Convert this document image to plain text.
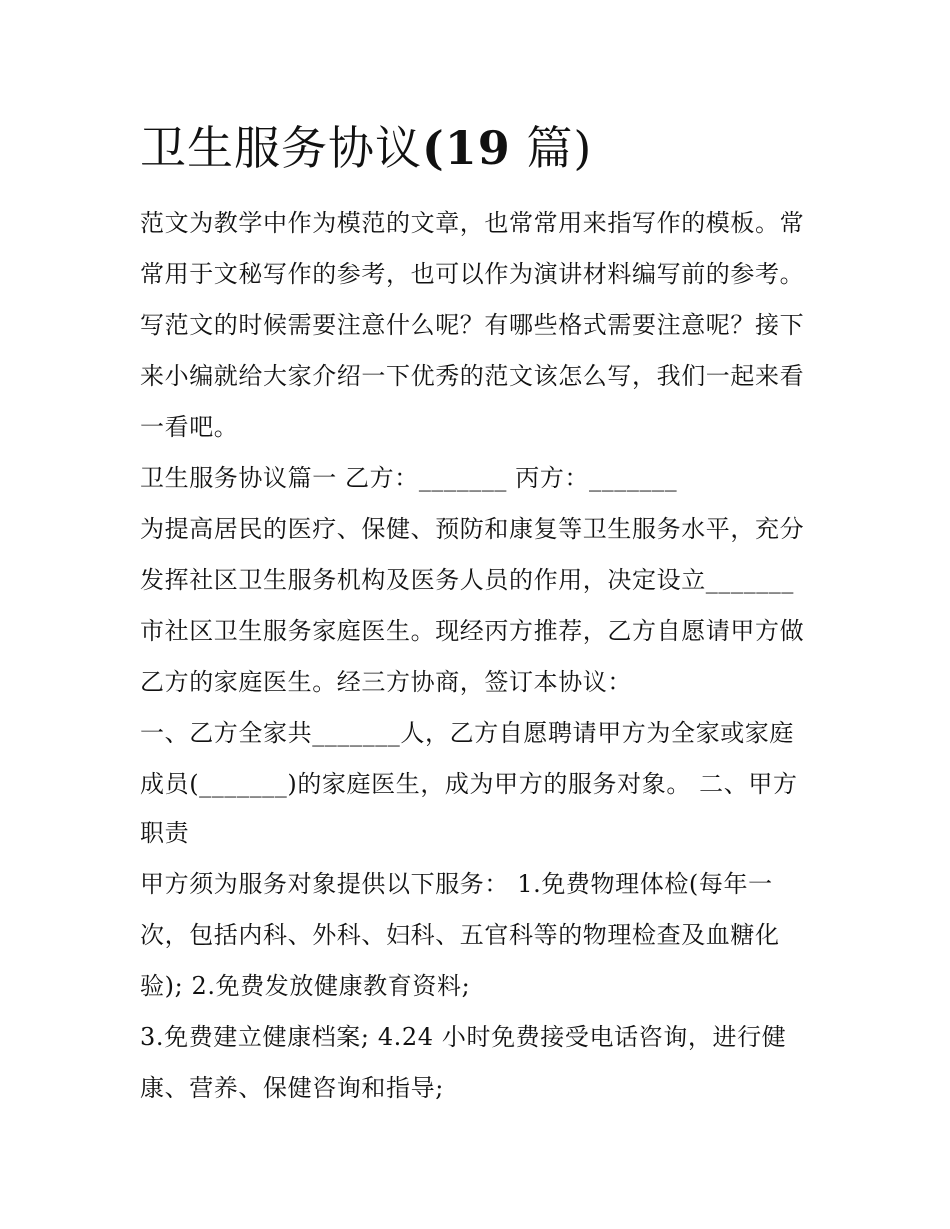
卫生服务协议(19 篇)

范文为教学中作为模范的文章，也常常用来指写作的模板。常

常用于文秘写作的参考，也可以作为演讲材料编写前的参考。

写范文的时候需要注意什么呢？有哪些格式需要注意呢？接下

来小编就给大家介绍一下优秀的范文该怎么写，我们一起来看

一看吧。

卫生服务协议篇一 乙方：_______ 丙方：_______

为提高居民的医疗、保健、预防和康复等卫生服务水平，充分

发挥社区卫生服务机构及医务人员的作用，决定设立_______

市社区卫生服务家庭医生。现经丙方推荐，乙方自愿请甲方做

乙方的家庭医生。经三方协商，签订本协议：

一、乙方全家共_______人，乙方自愿聘请甲方为全家或家庭

成员(_______)的家庭医生，成为甲方的服务对象。 二、甲方

职责

甲方须为服务对象提供以下服务： 1.免费物理体检(每年一

次，包括内科、外科、妇科、五官科等的物理检查及血糖化

验); 2.免费发放健康教育资料;

3.免费建立健康档案; 4.24 小时免费接受电话咨询，进行健

康、营养、保健咨询和指导;
